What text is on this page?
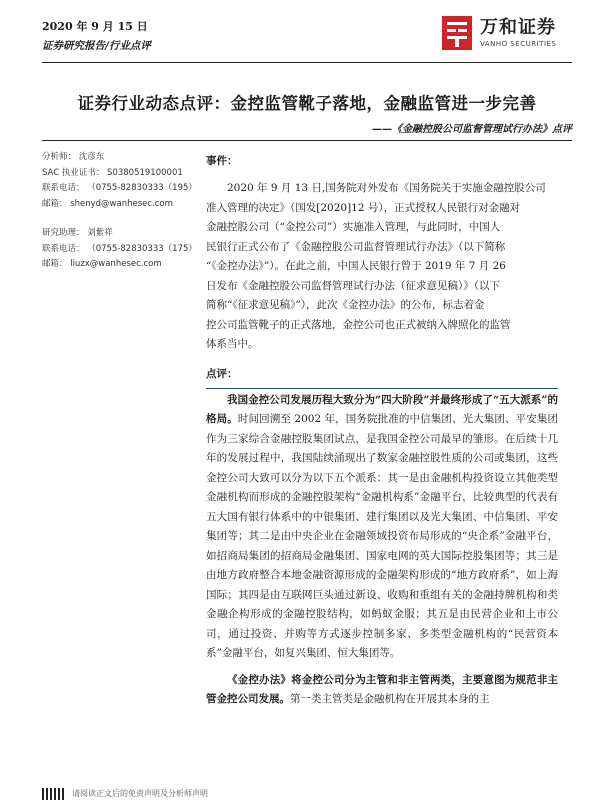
2020 年 9 月 15 日
证券研究报告/行业点评
万和证券
VANHO SECURITIES
证券行业动态点评：金控监管靴子落地，金融监管进一步完善
——《金融控股公司监督管理试行办法》点评
分析师： 沈彦东
SAC 执业证书： S0380519100001
联系电话： （0755-82830333（195）
邮箱： shenyd@wanhesec.com
研究助理： 刘紫祥
联系电话： （0755-82830333（175）
邮箱： liuzx@wanhesec.com
事件：
2020 年 9 月 13 日,国务院对外发布《国务院关于实施金融控股公司
准入管理的决定》（国发[2020]12 号），正式授权人民银行对金融对
金融控股公司（“金控公司”）实施准入管理，与此同时，中国人
民银行正式公布了《金融控股公司监督管理试行办法》（以下简称
“《金控办法》”）。在此之前，中国人民银行曾于 2019 年 7 月 26
日发布《金融控股公司监督管理试行办法（征求意见稿）》（以下
简称“《征求意见稿》”），此次《金控办法》的公布，标志着金
控公司监管靴子的正式落地，金控公司也正式被纳入牌照化的监管
体系当中。
点评：

我国金控公司发展历程大致分为“四大阶段”并最终形成了“五大派系”的格局。时间回溯至 2002 年，国务院批准的中信集团、光大集团、平安集团作为三家综合金融控股集团试点，是我国金控公司最早的雏形。在后续十几年的发展过程中，我国陆续涌现出了数家金融控股性质的公司或集团，这些金控公司大致可以分为以下五个派系：其一是由金融机构投资设立其他类型金融机构而形成的金融控股架构“金融机构系”金融平台，比较典型的代表有五大国有银行体系中的中银集团、建行集团以及光大集团、中信集团、平安集团等；其二是由中央企业在金融领域投资布局形成的“央企系”金融平台，如招商局集团的招商局金融集团、国家电网的英大国际控股集团等；其三是由地方政府整合本地金融资源形成的金融架构形成的“地方政府系”，如上海国际；其四是由互联网巨头通过新设、收购和重组有关的金融持牌机构和类金融企构形成的金融控股结构，如蚂蚁金服；其五是由民营企业和上市公司，通过投资、并购等方式逐步控制多家、多类型金融机构的“民营资本系”金融平台，如复兴集团、恒大集团等。

《金控办法》将金控公司分为主管和非主管两类，主要意图为规范非主管金控公司发展。第一类主管类是金融机构在开展其本身的主

请阅读正文后的免责声明及分析师声明
